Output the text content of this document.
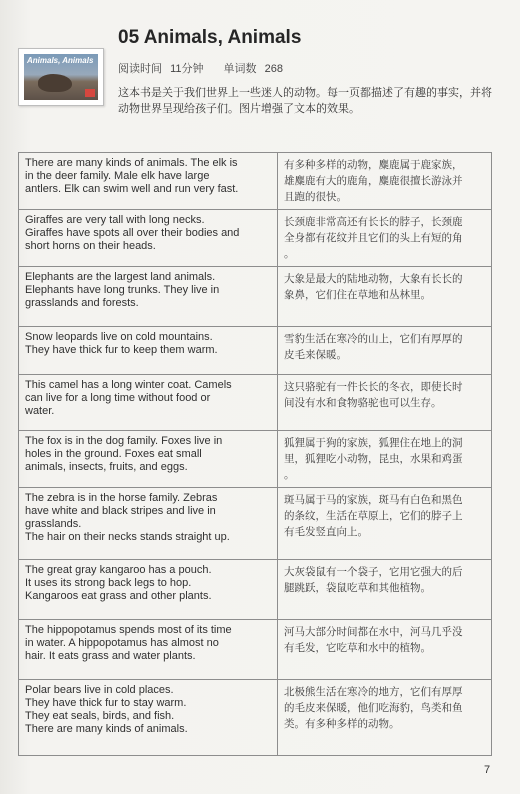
Animals, Animals
05 Animals, Animals
阅读时间 11分钟 单词数 268
这本书是关于我们世界上一些迷人的动物。每一页都描述了有趣的事实，并将动物世界呈现给孩子们。图片增强了文本的效果。
There are many kinds of animals. The elk is
in the deer family. Male elk have large
antlers. Elk can swim well and run very fast.	有多种多样的动物，麋鹿属于鹿家族，
雄麋鹿有大的鹿角，麋鹿很擅长游泳并
且跑的很快。

Giraffes are very tall with long necks.
Giraffes have spots all over their bodies and
short horns on their heads.	长颈鹿非常高还有长长的脖子，长颈鹿
全身都有花纹并且它们的头上有短的角
。

Elephants are the largest land animals.
Elephants have long trunks. They live in
grasslands and forests.	大象是最大的陆地动物，大象有长长的
象鼻，它们住在草地和丛林里。

Snow leopards live on cold mountains.
They have thick fur to keep them warm.	雪豹生活在寒冷的山上，它们有厚厚的
皮毛来保暖。

This camel has a long winter coat. Camels
can live for a long time without food or
water.	这只骆驼有一件长长的冬衣，即使长时
间没有水和食物骆驼也可以生存。

The fox is in the dog family. Foxes live in
holes in the ground. Foxes eat small
animals, insects, fruits, and eggs.	狐狸属于狗的家族，狐狸住在地上的洞
里，狐狸吃小动物，昆虫，水果和鸡蛋
。

The zebra is in the horse family. Zebras
have white and black stripes and live in
grasslands.
The hair on their necks stands straight up.	斑马属于马的家族，斑马有白色和黑色
的条纹，生活在草原上，它们的脖子上
有毛发竖直向上。

The great gray kangaroo has a pouch.
It uses its strong back legs to hop.
Kangaroos eat grass and other plants.	大灰袋鼠有一个袋子，它用它强大的后
腿跳跃，袋鼠吃草和其他植物。

The hippopotamus spends most of its time
in water. A hippopotamus has almost no
hair. It eats grass and water plants.	河马大部分时间都在水中，河马几乎没
有毛发，它吃草和水中的植物。

Polar bears live in cold places.
They have thick fur to stay warm.
They eat seals, birds, and fish.
There are many kinds of animals.	北极熊生活在寒冷的地方，它们有厚厚
的毛皮来保暖，他们吃海豹，鸟类和鱼
类。有多种多样的动物。
7
